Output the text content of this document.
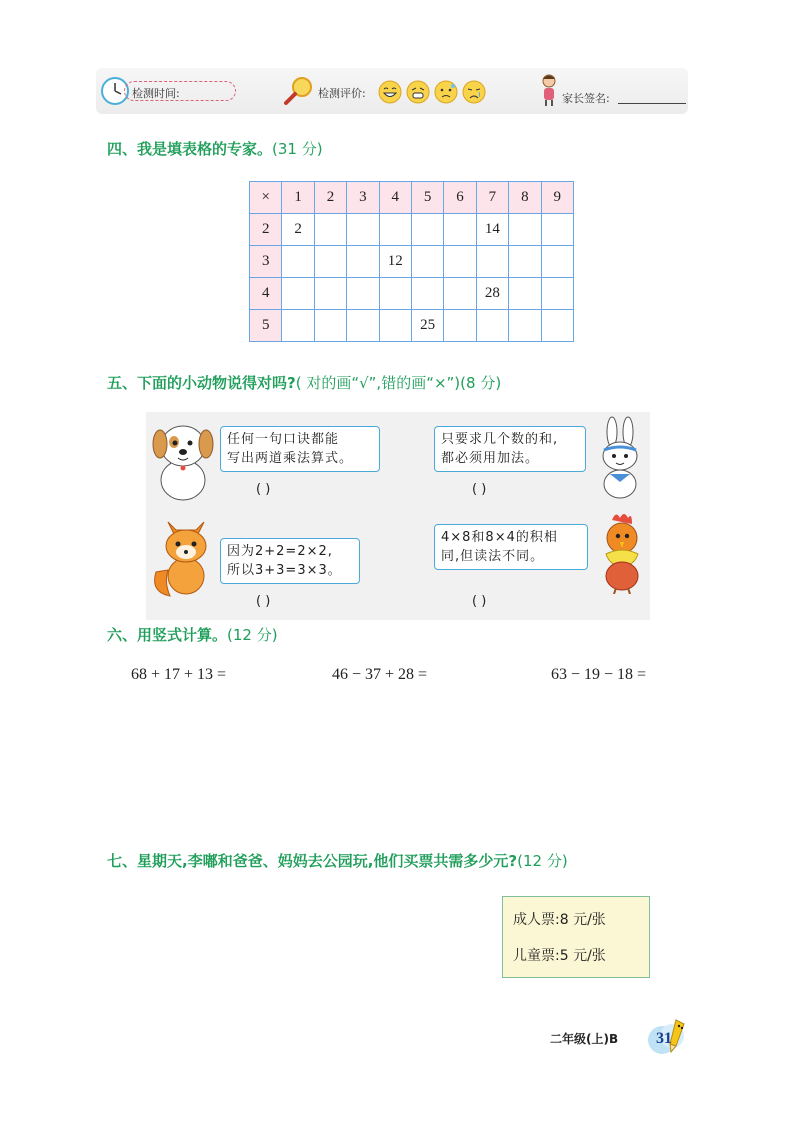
检测时间:	检测评价:	家长签名:
四、我是填表格的专家。(31 分)
×	1	2	3	4	5	6	7	8	9
2	2						14		
3				12					
4							28		
5					25				
五、下面的小动物说得对吗?( 对的画“√”,错的画“×”)(8 分)
任何一句口诀都能
写出两道乘法算式。
( )
只要求几个数的和,
都必须用加法。
( )
因为2+2=2×2,
所以3+3=3×3。
( )
4×8和8×4的积相
同,但读法不同。
( )
六、用竖式计算。(12 分)
68 + 17 + 13 =	46 − 37 + 28 =	63 − 19 − 18 =
七、星期天,李嘟和爸爸、妈妈去公园玩,他们买票共需多少元?(12 分)
成人票:8 元/张
儿童票:5 元/张
二年级(上)B 31
